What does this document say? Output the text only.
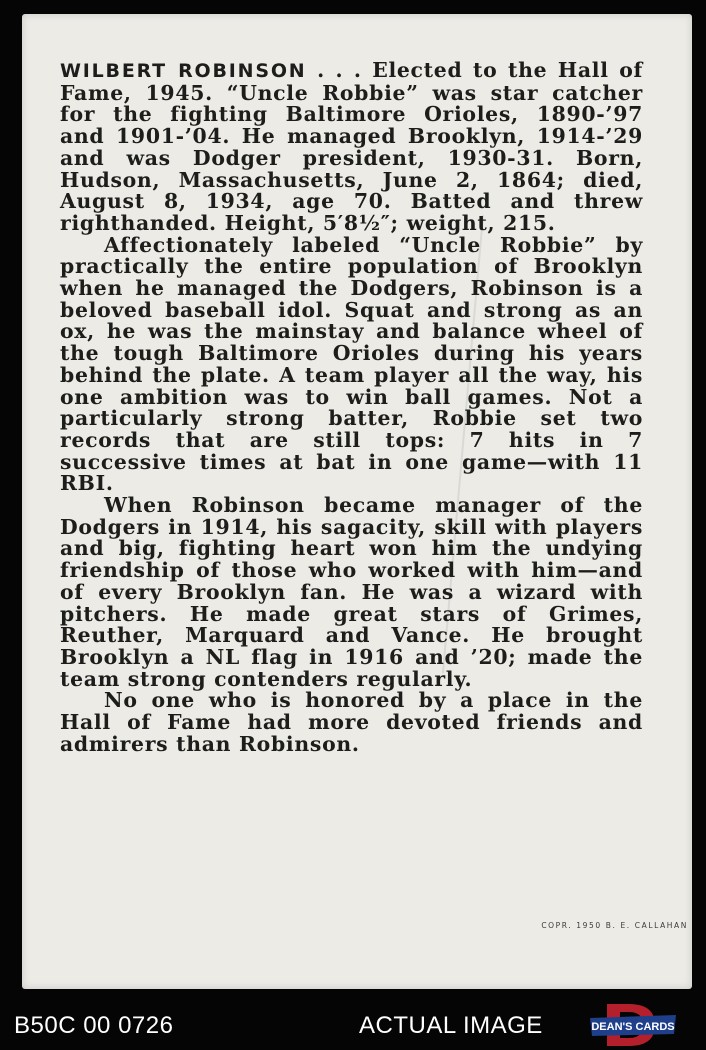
WILBERT ROBINSON . . . Elected to the Hall of Fame, 1945. “Uncle Robbie” was star catcher for the fighting Baltimore Orioles, 1890-’97 and 1901-’04. He managed Brooklyn, 1914-’29 and was Dodger president, 1930-31. Born, Hudson, Massachusetts, June 2, 1864; died, August 8, 1934, age 70. Batted and threw righthanded. Height, 5′8½″; weight, 215.

Affectionately labeled “Uncle Robbie” by practically the entire population of Brooklyn when he managed the Dodgers, Robinson is a beloved baseball idol. Squat and strong as an ox, he was the mainstay and balance wheel of the tough Baltimore Orioles during his years behind the plate. A team player all the way, his one ambition was to win ball games. Not a particularly strong batter, Robbie set two records that are still tops: 7 hits in 7 successive times at bat in one game—with 11 RBI.

When Robinson became manager of the Dodgers in 1914, his sagacity, skill with players and big, fighting heart won him the undying friendship of those who worked with him—and of every Brooklyn fan. He was a wizard with pitchers. He made great stars of Grimes, Reuther, Marquard and Vance. He brought Brooklyn a NL flag in 1916 and ’20; made the team strong contenders regularly.

No one who is honored by a place in the Hall of Fame had more devoted friends and admirers than Robinson.

COPR. 1950 B. E. CALLAHAN
B50C 00 0726	ACTUAL IMAGE	DEAN'S CARDS
